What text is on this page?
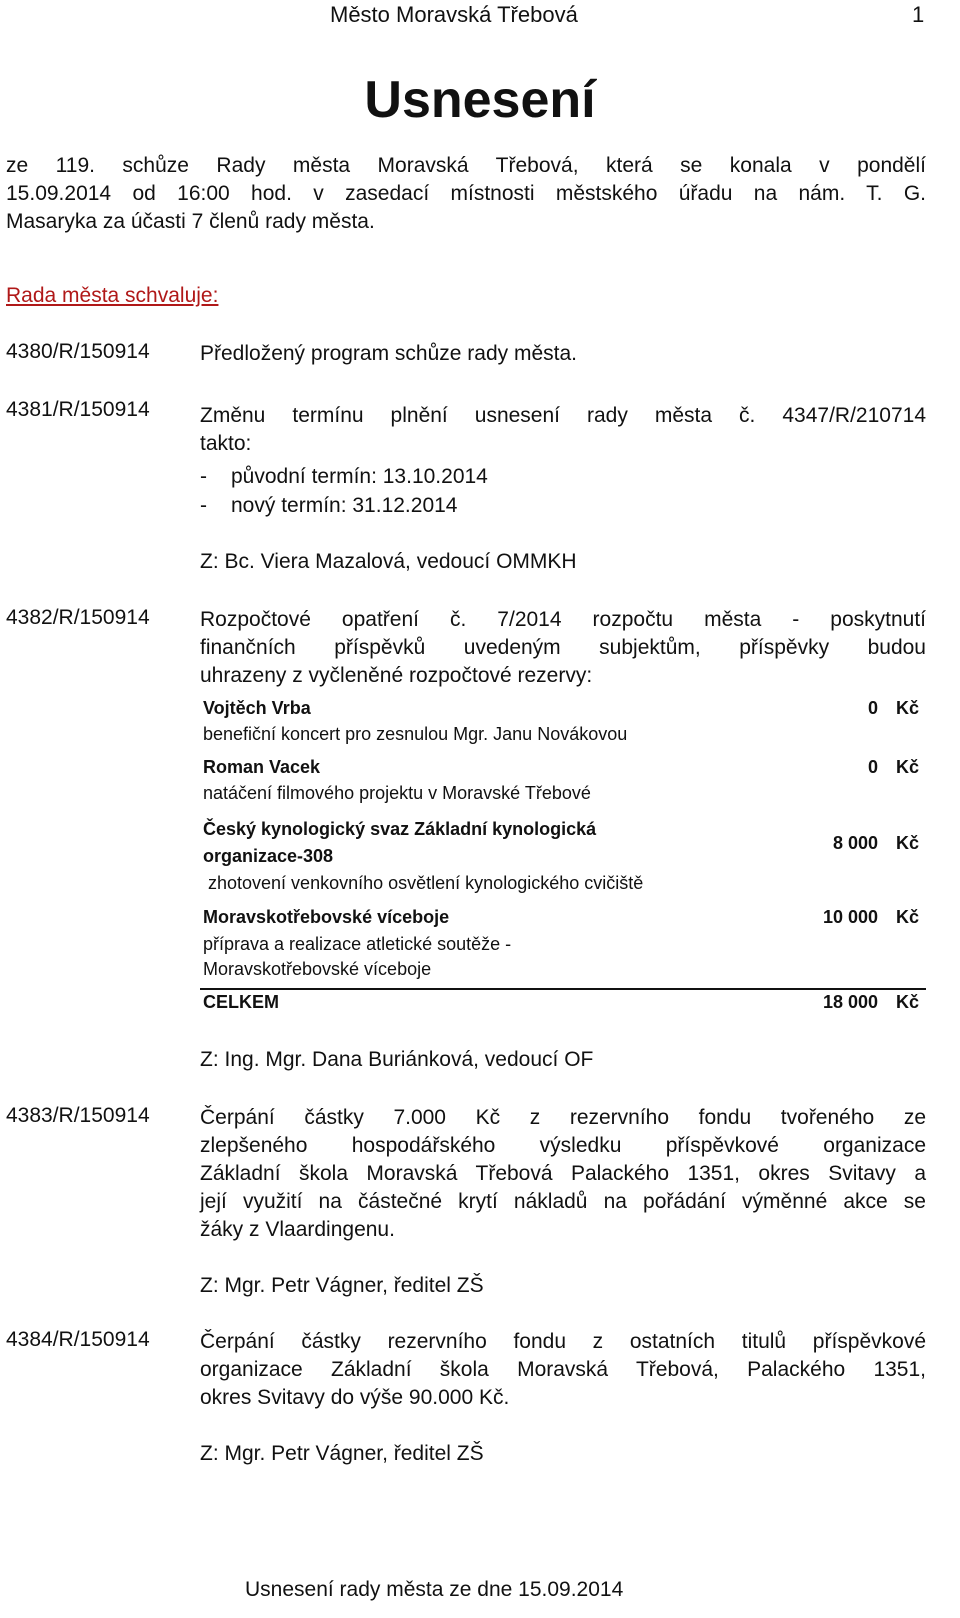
Město Moravská Třebová	1
Usnesení
ze 119. schůze Rady města Moravská Třebová, která se konala v pondělí
15.09.2014 od 16:00 hod. v zasedací místnosti městského úřadu na nám. T. G.
Masaryka za účasti 7 členů rady města.
Rada města schvaluje:
4380/R/150914 Předložený program schůze rady města.
4381/R/150914 Změnu termínu plnění usnesení rady města č. 4347/R/210714
takto:
- původní termín: 13.10.2014
- nový termín: 31.12.2014
Z: Bc. Viera Mazalová, vedoucí OMMKH
4382/R/150914 Rozpočtové opatření č. 7/2014 rozpočtu města - poskytnutí
finančních příspěvků uvedeným subjektům, příspěvky budou
uhrazeny z vyčleněné rozpočtové rezervy:
Vojtěch Vrba
benefiční koncert pro zesnulou Mgr. Janu Novákovou
0 Kč
Roman Vacek
natáčení filmového projektu v Moravské Třebové
0 Kč
Český kynologický svaz Základní kynologická
organizace-308
zhotovení venkovního osvětlení kynologického cvičiště
8 000 Kč
Moravskotřebovské víceboje
příprava a realizace atletické soutěže -
Moravskotřebovské víceboje
10 000 Kč
CELKEM	18 000 Kč
Z: Ing. Mgr. Dana Buriánková, vedoucí OF
4383/R/150914 Čerpání částky 7.000 Kč z rezervního fondu tvořeného ze
zlepšeného hospodářského výsledku příspěvkové organizace
Základní škola Moravská Třebová Palackého 1351, okres Svitavy a
její využití na částečné krytí nákladů na pořádání výměnné akce se
žáky z Vlaardingenu.
Z: Mgr. Petr Vágner, ředitel ZŠ
4384/R/150914 Čerpání částky rezervního fondu z ostatních titulů příspěvkové
organizace Základní škola Moravská Třebová, Palackého 1351,
okres Svitavy do výše 90.000 Kč.
Z: Mgr. Petr Vágner, ředitel ZŠ
Usnesení rady města ze dne 15.09.2014
